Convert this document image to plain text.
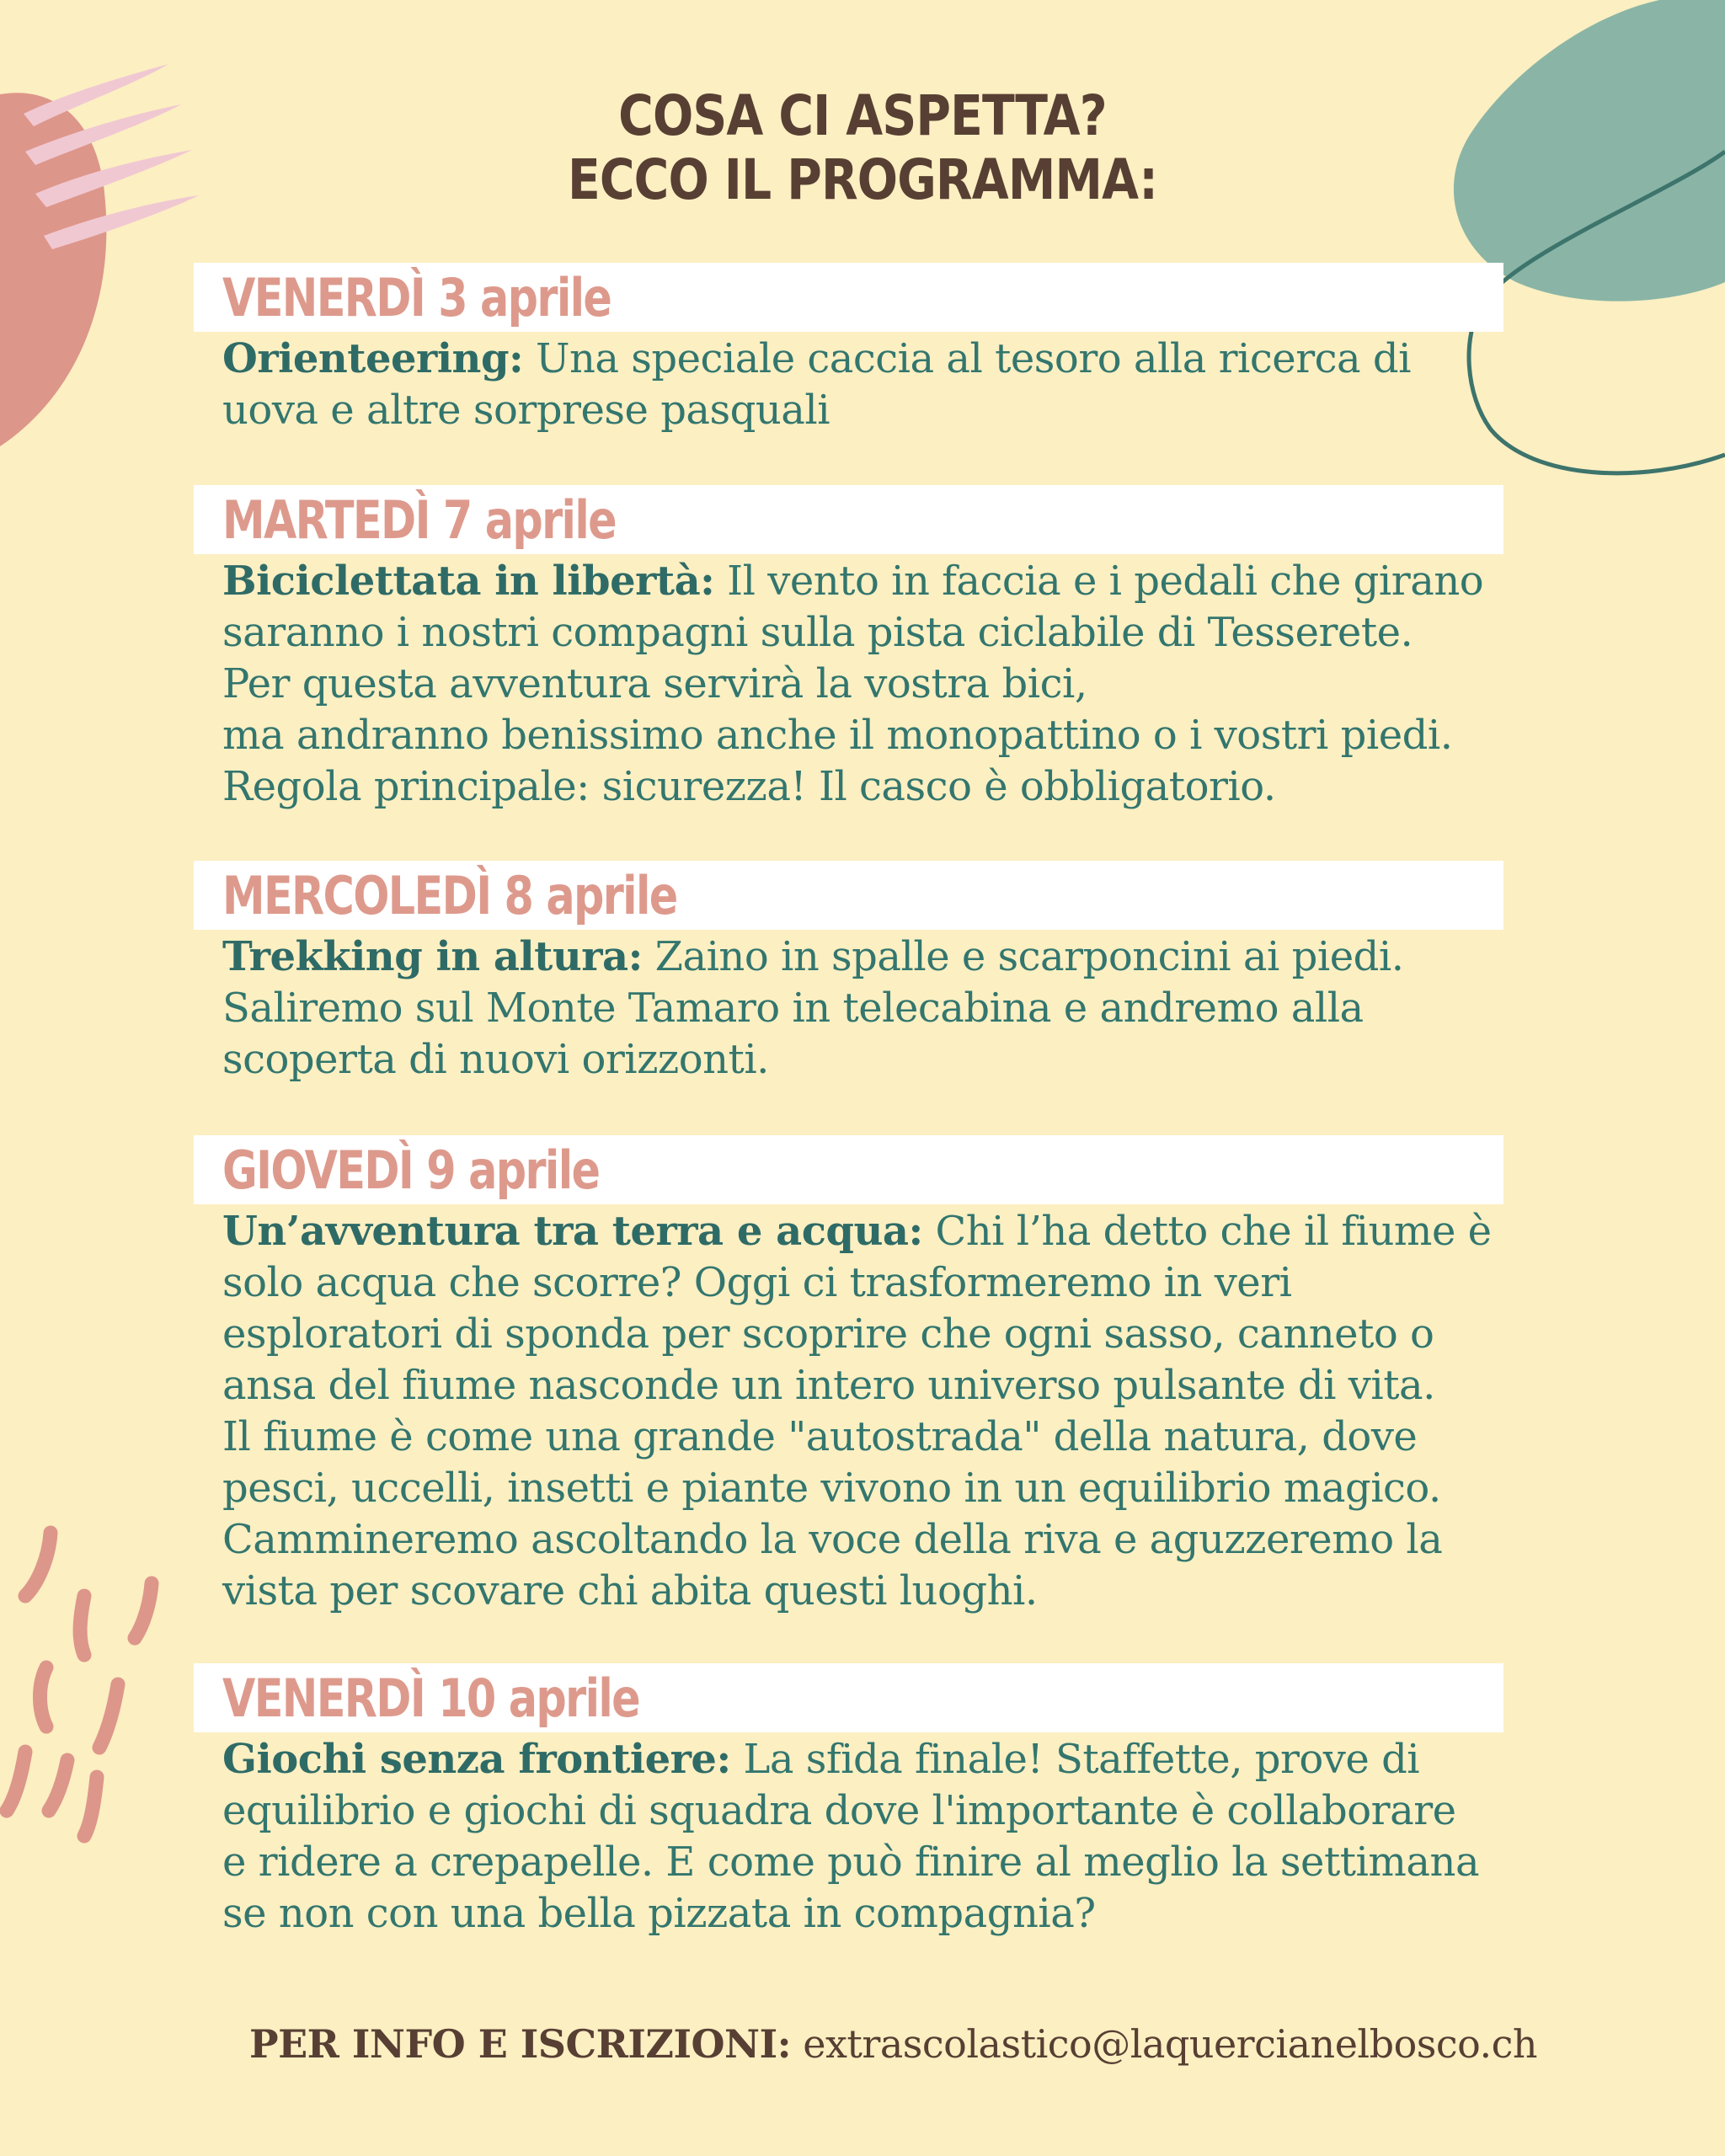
COSA CI ASPETTA?
ECCO IL PROGRAMMA:
VENERDÌ 3 aprile
Orienteering: Una speciale caccia al tesoro alla ricerca di
uova e altre sorprese pasquali
MARTEDÌ 7 aprile
Biciclettata in libertà: Il vento in faccia e i pedali che girano
saranno i nostri compagni sulla pista ciclabile di Tesserete.
Per questa avventura servirà la vostra bici,
ma andranno benissimo anche il monopattino o i vostri piedi.
Regola principale: sicurezza! Il casco è obbligatorio.
MERCOLEDÌ 8 aprile
Trekking in altura: Zaino in spalle e scarponcini ai piedi.
Saliremo sul Monte Tamaro in telecabina e andremo alla
scoperta di nuovi orizzonti.
GIOVEDÌ 9 aprile
Un’avventura tra terra e acqua: Chi l’ha detto che il fiume è
solo acqua che scorre? Oggi ci trasformeremo in veri
esploratori di sponda per scoprire che ogni sasso, canneto o
ansa del fiume nasconde un intero universo pulsante di vita.
Il fiume è come una grande "autostrada" della natura, dove
pesci, uccelli, insetti e piante vivono in un equilibrio magico.
Cammineremo ascoltando la voce della riva e aguzzeremo la
vista per scovare chi abita questi luoghi.
VENERDÌ 10 aprile
Giochi senza frontiere: La sfida finale! Staffette, prove di
equilibrio e giochi di squadra dove l'importante è collaborare
e ridere a crepapelle. E come può finire al meglio la settimana
se non con una bella pizzata in compagnia?
PER INFO E ISCRIZIONI: extrascolastico@laquercianelbosco.ch
